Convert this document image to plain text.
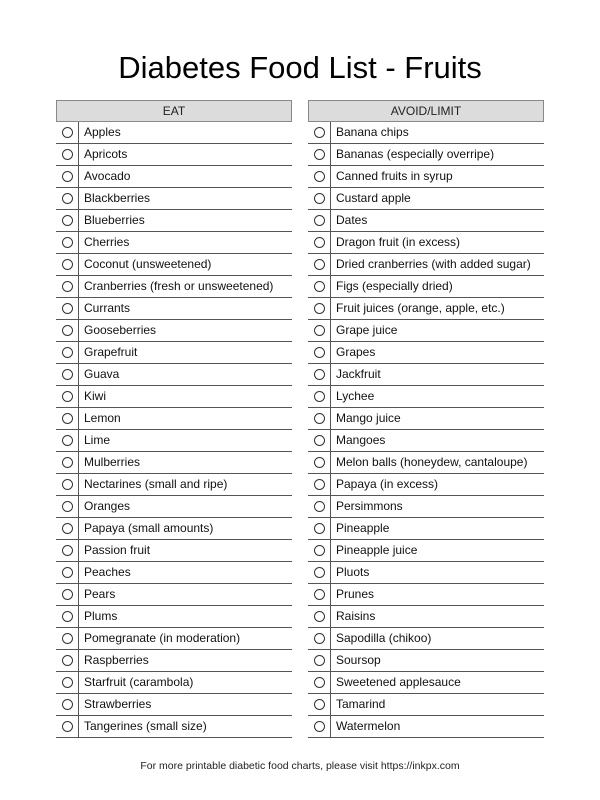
Diabetes Food List - Fruits
EAT
Apples
Apricots
Avocado
Blackberries
Blueberries
Cherries
Coconut (unsweetened)
Cranberries (fresh or unsweetened)
Currants
Gooseberries
Grapefruit
Guava
Kiwi
Lemon
Lime
Mulberries
Nectarines (small and ripe)
Oranges
Papaya (small amounts)
Passion fruit
Peaches
Pears
Plums
Pomegranate (in moderation)
Raspberries
Starfruit (carambola)
Strawberries
Tangerines (small size)
AVOID/LIMIT
Banana chips
Bananas (especially overripe)
Canned fruits in syrup
Custard apple
Dates
Dragon fruit (in excess)
Dried cranberries (with added sugar)
Figs (especially dried)
Fruit juices (orange, apple, etc.)
Grape juice
Grapes
Jackfruit
Lychee
Mango juice
Mangoes
Melon balls (honeydew, cantaloupe)
Papaya (in excess)
Persimmons
Pineapple
Pineapple juice
Pluots
Prunes
Raisins
Sapodilla (chikoo)
Soursop
Sweetened applesauce
Tamarind
Watermelon
For more printable diabetic food charts, please visit https://inkpx.com
